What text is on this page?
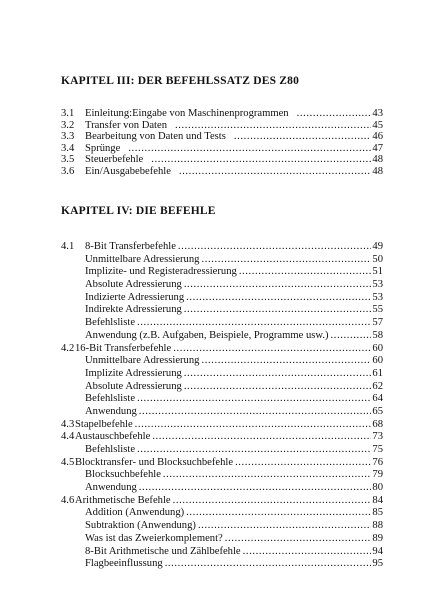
KAPITEL III: DER BEFEHLSSATZ DES Z80
3.1 Einleitung:Eingabe von Maschinenprogrammen .....	43
3.2 Transfer von Daten .....	45
3.3 Bearbeitung von Daten und Tests .....	46
3.4 Sprünge .....	47
3.5 Steuerbefehle .....	48
3.6 Ein/Ausgabebefehle .....	48
KAPITEL IV: DIE BEFEHLE
4.1 8-Bit Transferbefehle .....	49
Unmittelbare Adressierung .....	50
Implizite- und Registeradressierung .....	51
Absolute Adressierung .....	53
Indizierte Adressierung .....	53
Indirekte Adressierung .....	55
Befehlsliste .....	57
Anwendung (z.B. Aufgaben, Beispiele, Programme usw.) .....	58
4.2 16-Bit Transferbefehle .....	60
Unmittelbare Adressierung .....	60
Implizite Adressierung .....	61
Absolute Adressierung .....	62
Befehlsliste .....	64
Anwendung .....	65
4.3 Stapelbefehle .....	68
4.4 Austauschbefehle .....	73
Befehlsliste .....	75
4.5 Blocktransfer- und Blocksuchbefehle .....	76
Blocksuchbefehle .....	79
Anwendung .....	80
4.6 Arithmetische Befehle .....	84
Addition (Anwendung) .....	85
Subtraktion (Anwendung) .....	88
Was ist das Zweierkomplement? .....	89
8-Bit Arithmetische und Zählbefehle .....	94
Flagbeeinflussung .....	95
